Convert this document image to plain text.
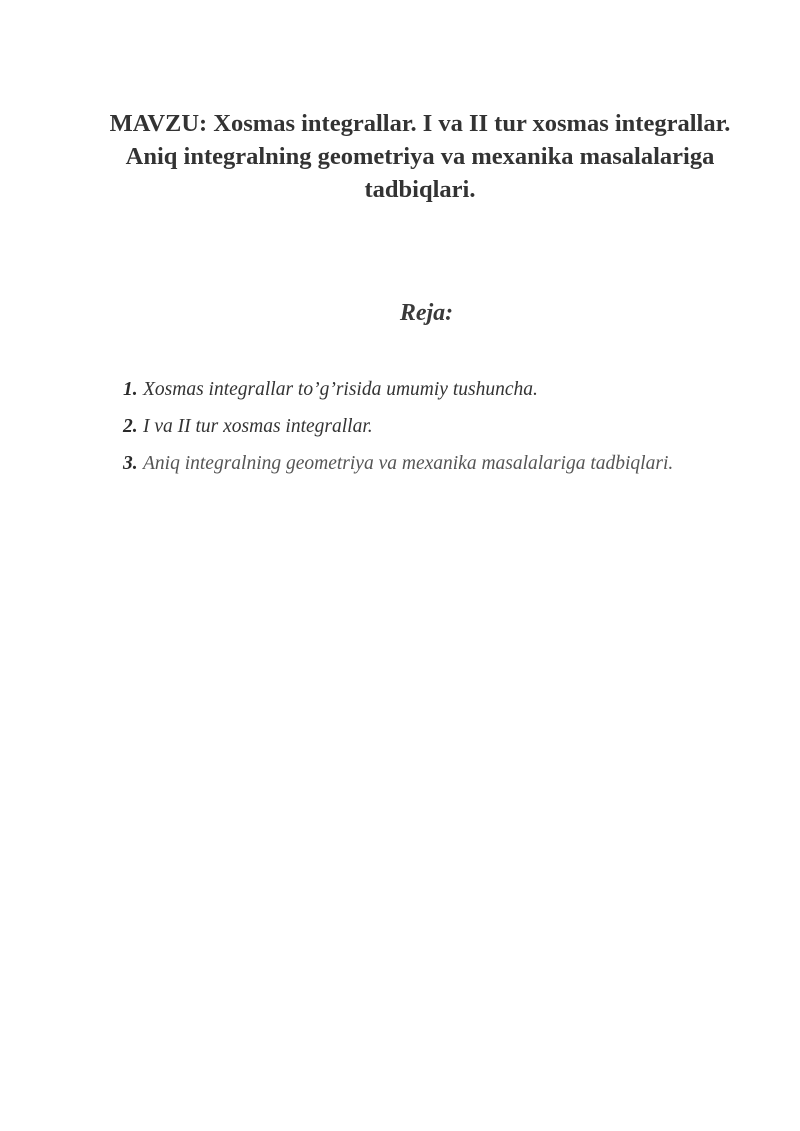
MAVZU: Xosmas integrallar. I va II tur xosmas integrallar.
Aniq integralning geometriya va mexanika masalalariga
tadbiqlari.
Reja:
1. Xosmas integrallar to’g’risida umumiy tushuncha.
2. I va II tur xosmas integrallar.
3. Aniq integralning geometriya va mexanika masalalariga tadbiqlari.
